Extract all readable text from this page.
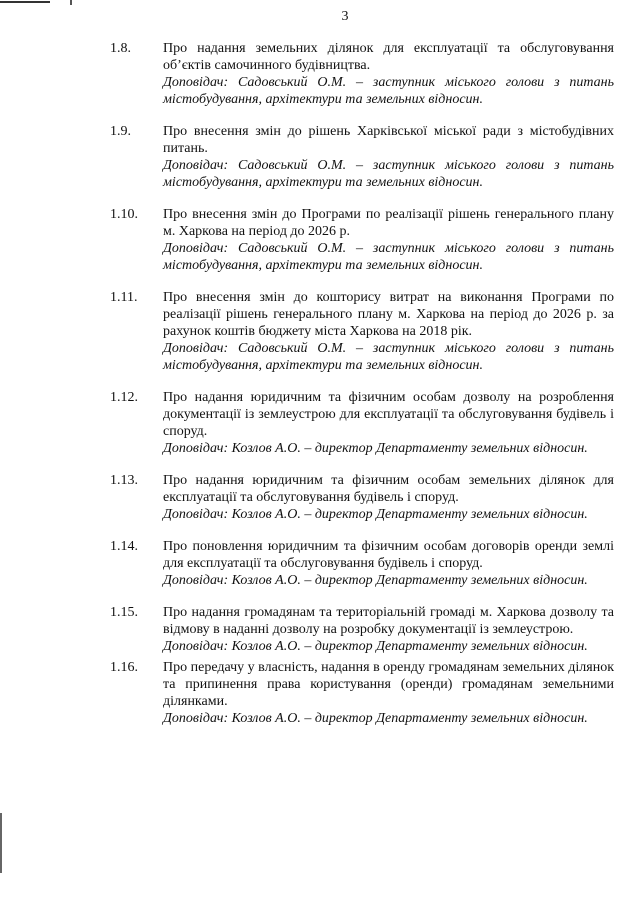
3
1.8.	Про надання земельних ділянок для експлуатації та обслуговування об’єктів самочинного будівництва.

Доповідач: Садовський О.М. – заступник міського голови з питань містобудування, архітектури та земельних відносин.

1.9.	Про внесення змін до рішень Харківської міської ради з містобудівних питань.

Доповідач: Садовський О.М. – заступник міського голови з питань містобудування, архітектури та земельних відносин.

1.10.	Про внесення змін до Програми по реалізації рішень генерального плану м. Харкова на період до 2026 р.

Доповідач: Садовський О.М. – заступник міського голови з питань містобудування, архітектури та земельних відносин.

1.11.	Про внесення змін до кошторису витрат на виконання Програми по реалізації рішень генерального плану м. Харкова на період до 2026 р. за рахунок коштів бюджету міста Харкова на 2018 рік.

Доповідач: Садовський О.М. – заступник міського голови з питань містобудування, архітектури та земельних відносин.

1.12.	Про надання юридичним та фізичним особам дозволу на розроблення документації із землеустрою для експлуатації та обслуговування будівель і споруд.

Доповідач: Козлов А.О. – директор Департаменту земельних відносин.

1.13.	Про надання юридичним та фізичним особам земельних ділянок для експлуатації та обслуговування будівель і споруд.

Доповідач: Козлов А.О. – директор Департаменту земельних відносин.

1.14.	Про поновлення юридичним та фізичним особам договорів оренди землі для експлуатації та обслуговування будівель і споруд.

Доповідач: Козлов А.О. – директор Департаменту земельних відносин.

1.15.	Про надання громадянам та територіальній громаді м. Харкова дозволу та відмову в наданні дозволу на розробку документації із землеустрою.

Доповідач: Козлов А.О. – директор Департаменту земельних відносин.

1.16.	Про передачу у власність, надання в оренду громадянам земельних ділянок та припинення права користування (оренди) громадянам земельними ділянками.

Доповідач: Козлов А.О. – директор Департаменту земельних відносин.
